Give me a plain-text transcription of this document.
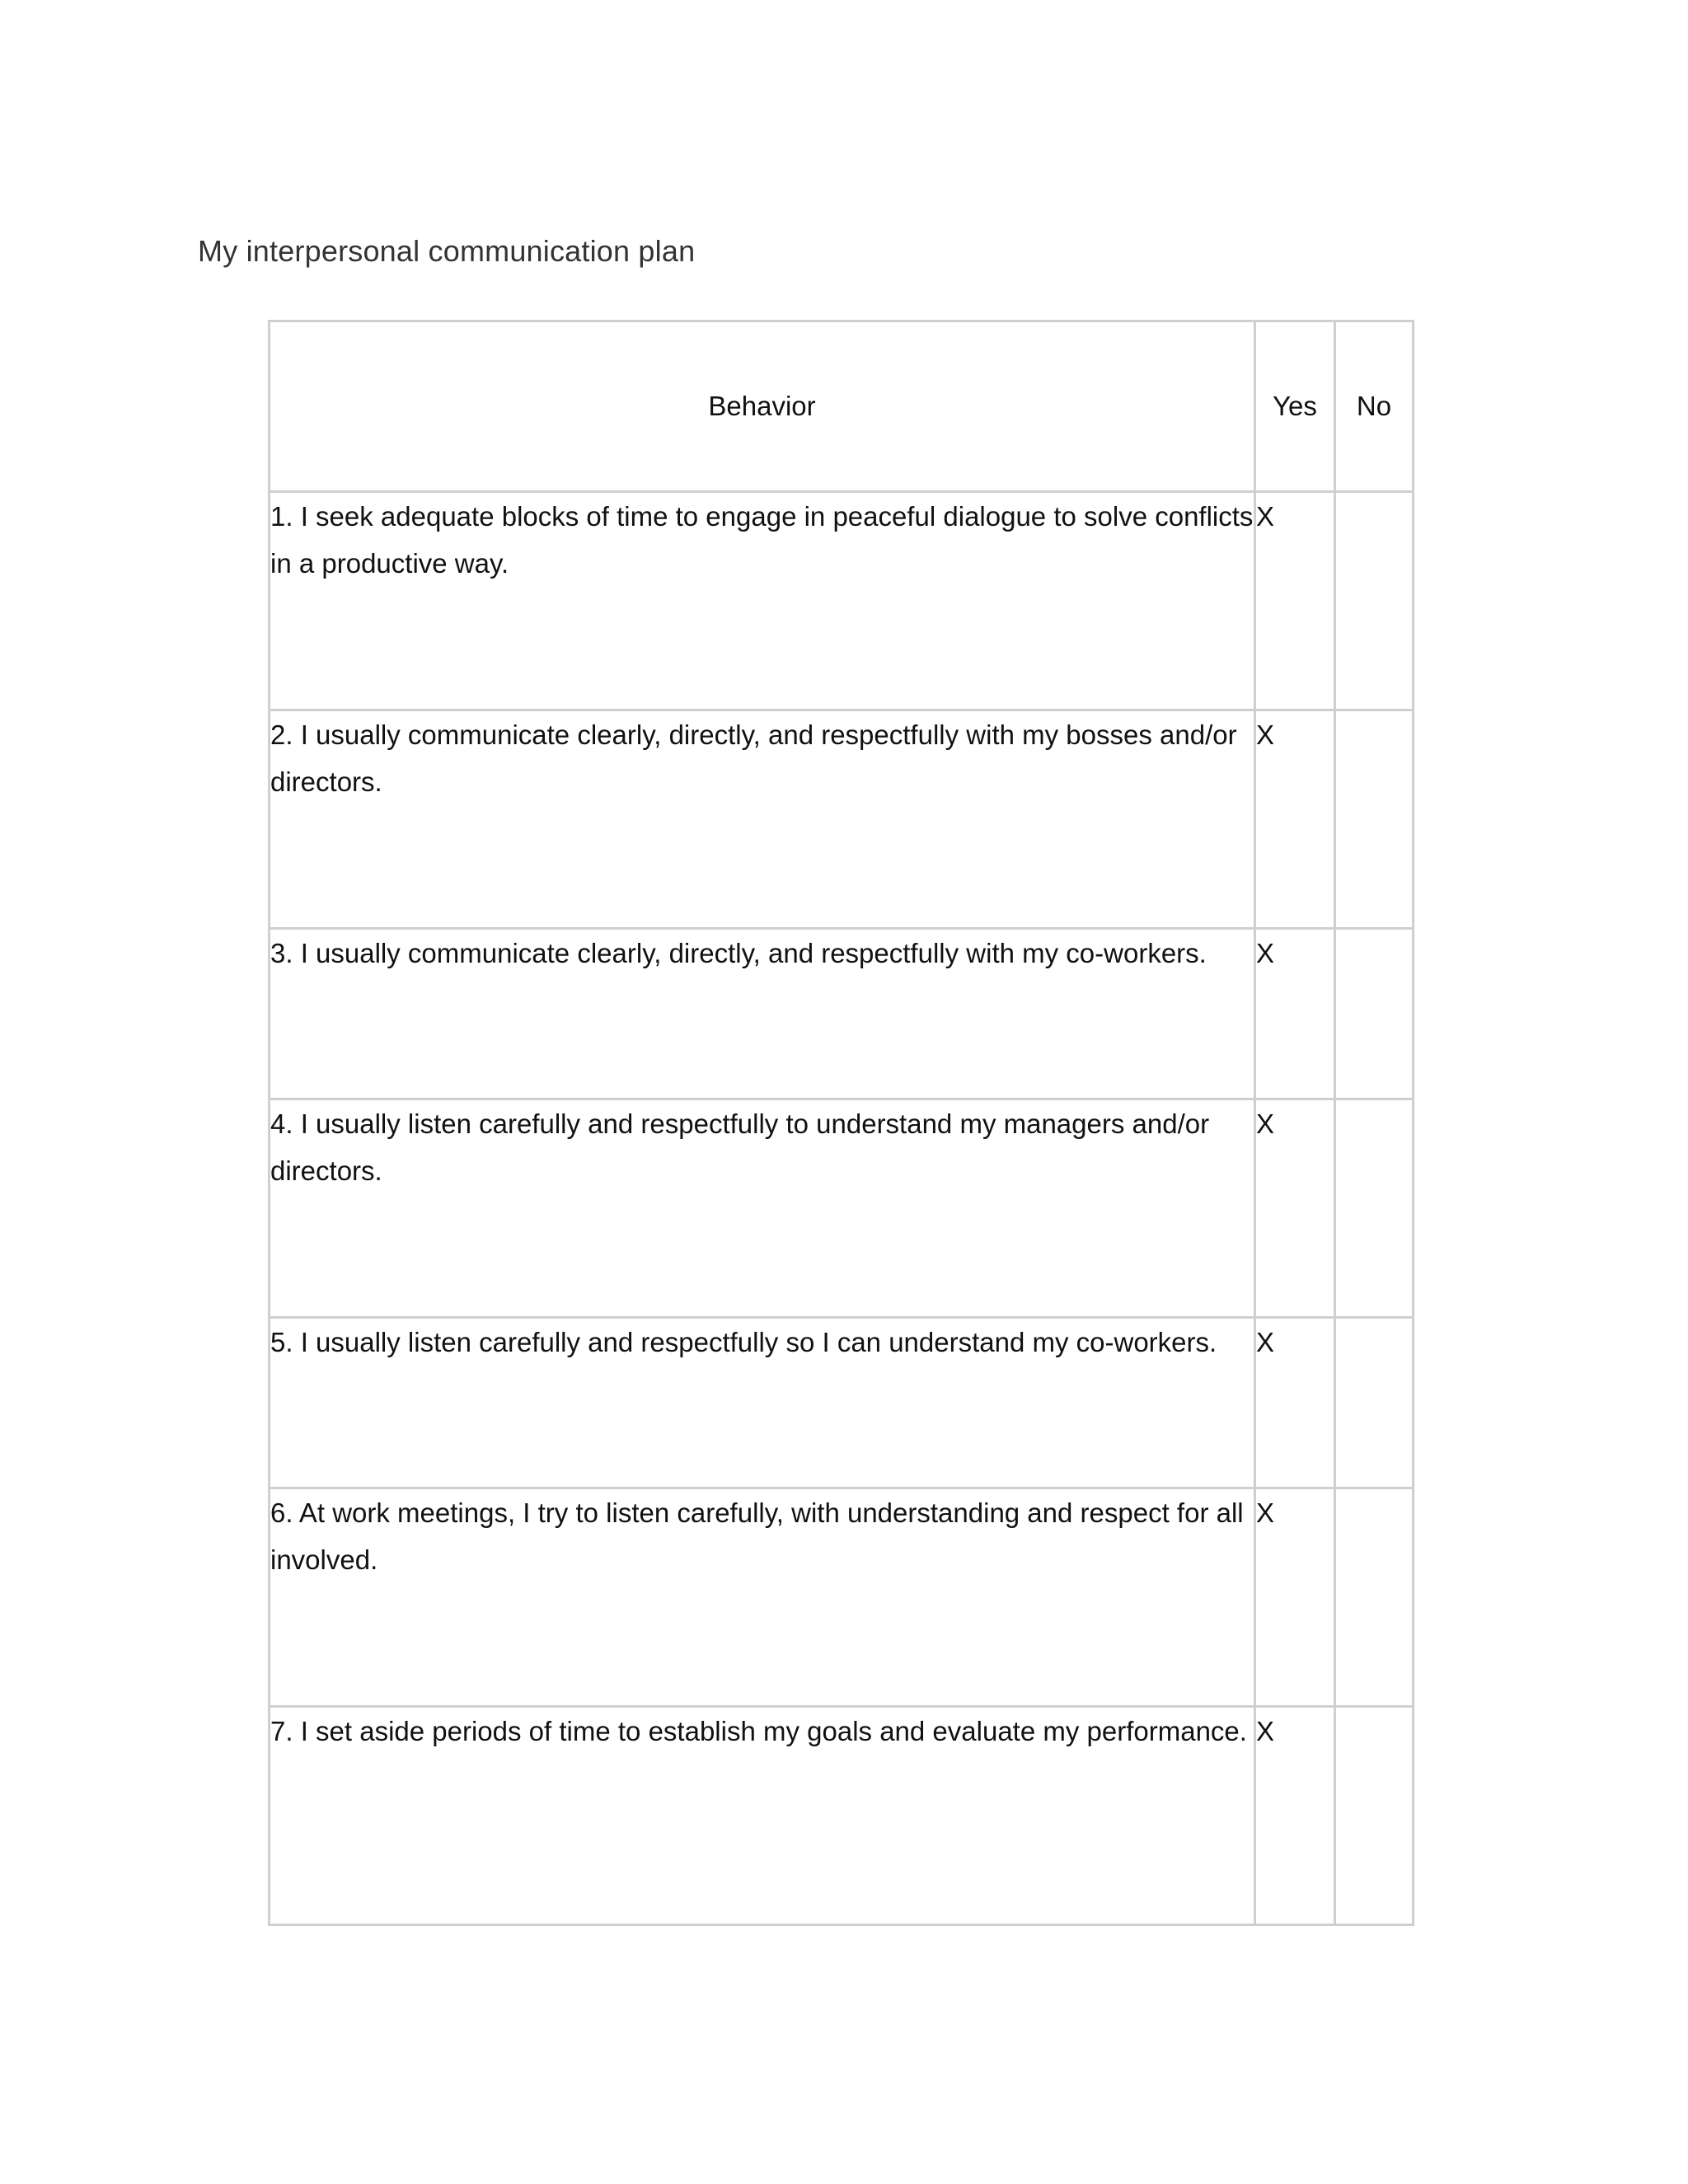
My interpersonal communication plan
Behavior	Yes	No
1. I seek adequate blocks of time to engage in peaceful dialogue to solve conflicts in a productive way.	X	
2. I usually communicate clearly, directly, and respectfully with my bosses and/or directors.	X	
3. I usually communicate clearly, directly, and respectfully with my co-workers.	X	
4. I usually listen carefully and respectfully to understand my managers and/or directors.	X	
5. I usually listen carefully and respectfully so I can understand my co-workers.	X	
6. At work meetings, I try to listen carefully, with understanding and respect for all involved.	X	
7. I set aside periods of time to establish my goals and evaluate my performance.	X	
